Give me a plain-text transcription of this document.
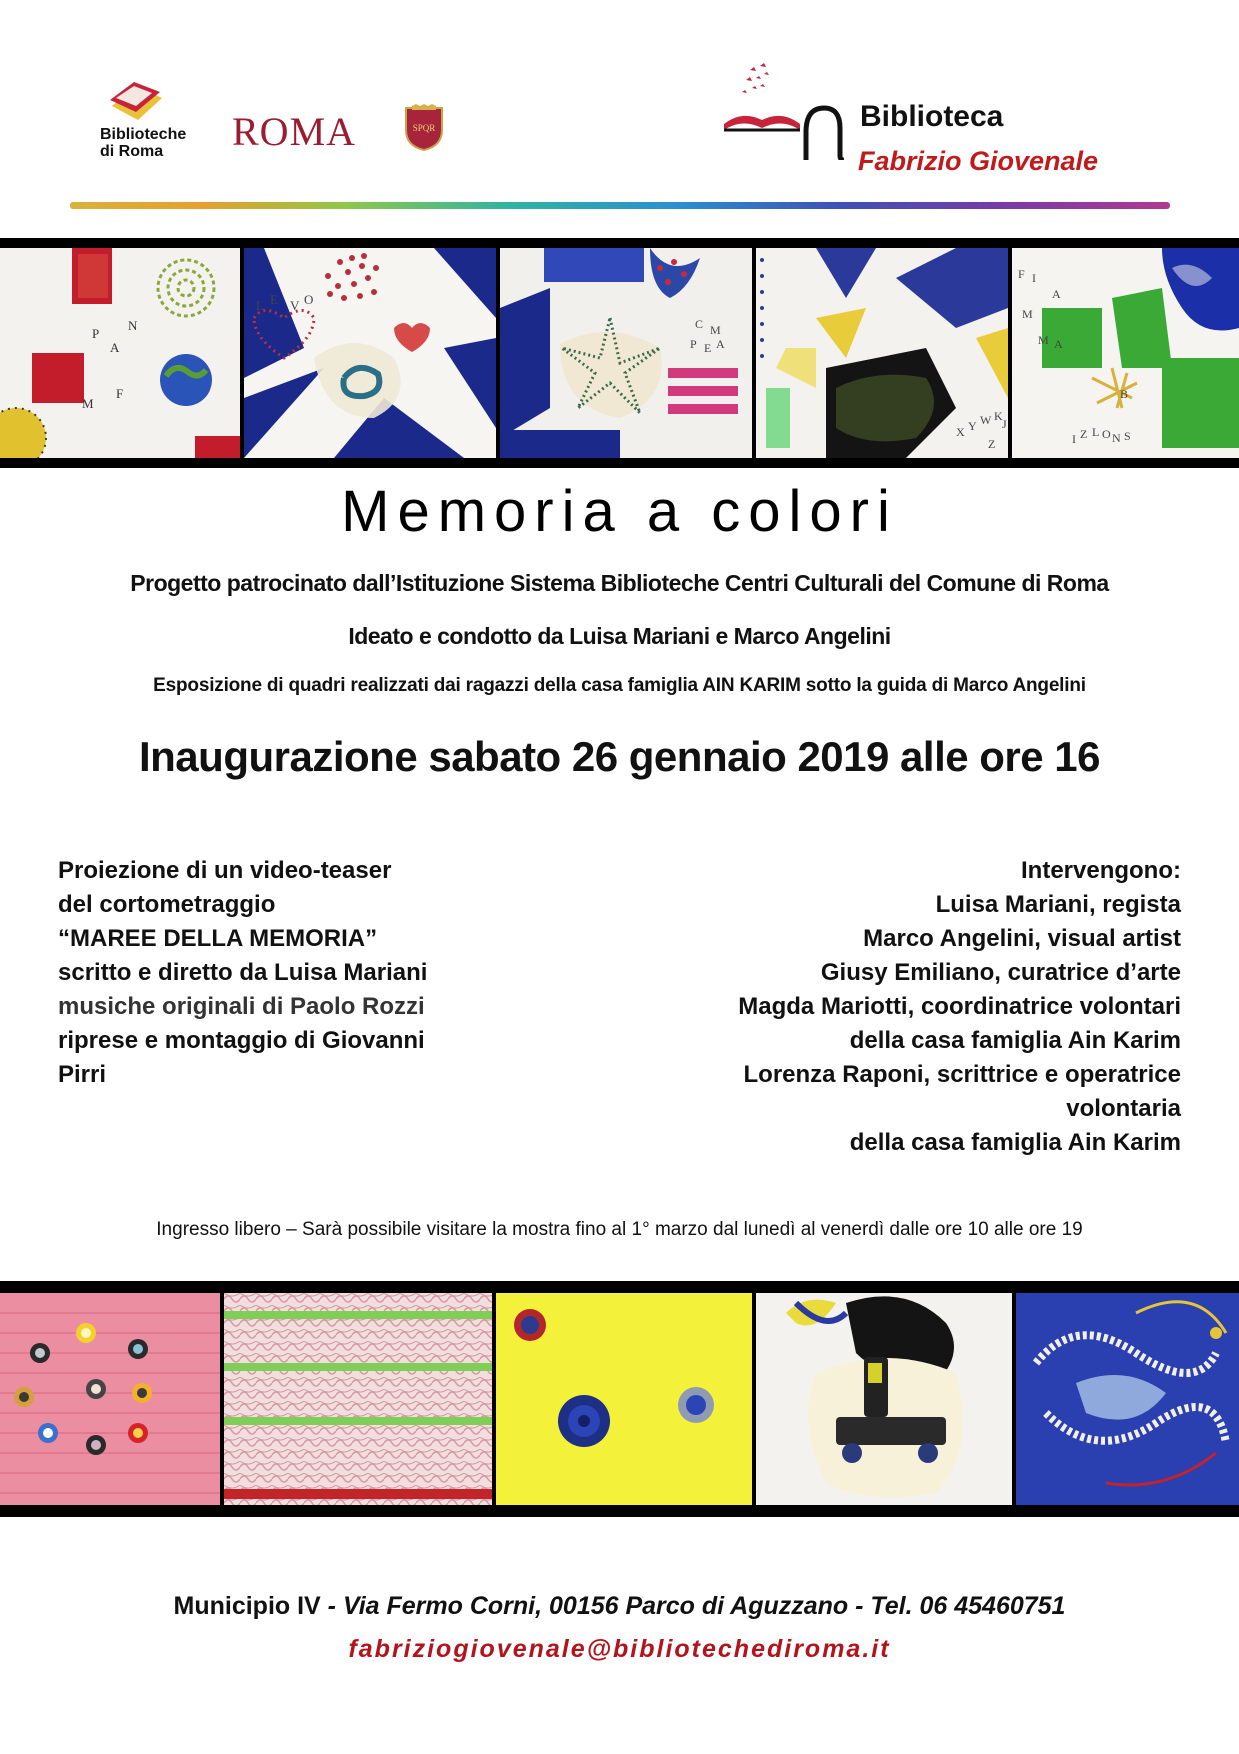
Biblioteche
di Roma	ROMA	SPQR	Biblioteca
Fabrizio Giovenale
PAN MF
L E V O
C M P E A
X Y W KJ Z
F IA MM AB I Z L ON S
Memoria a colori
Progetto patrocinato dall’Istituzione Sistema Biblioteche Centri Culturali del Comune di Roma
Ideato e condotto da Luisa Mariani e Marco Angelini
Esposizione di quadri realizzati dai ragazzi della casa famiglia AIN KARIM sotto la guida di Marco Angelini
Inaugurazione sabato 26 gennaio 2019 alle ore 16
Proiezione di un video-teaser
del cortometraggio
“MAREE DELLA MEMORIA”
scritto e diretto da Luisa Mariani
musiche originali di Paolo Rozzi
riprese e montaggio di Giovanni
Pirri
Intervengono:
Luisa Mariani, regista
Marco Angelini, visual artist
Giusy Emiliano, curatrice d’arte
Magda Mariotti, coordinatrice volontari
della casa famiglia Ain Karim
Lorenza Raponi, scrittrice e operatrice
volontaria
della casa famiglia Ain Karim
Ingresso libero – Sarà possibile visitare la mostra fino al 1° marzo dal lunedì al venerdì dalle ore 10 alle ore 19
Municipio IV - Via Fermo Corni, 00156 Parco di Aguzzano - Tel. 06 45460751
fabriziogiovenale@bibliotechediroma.it
